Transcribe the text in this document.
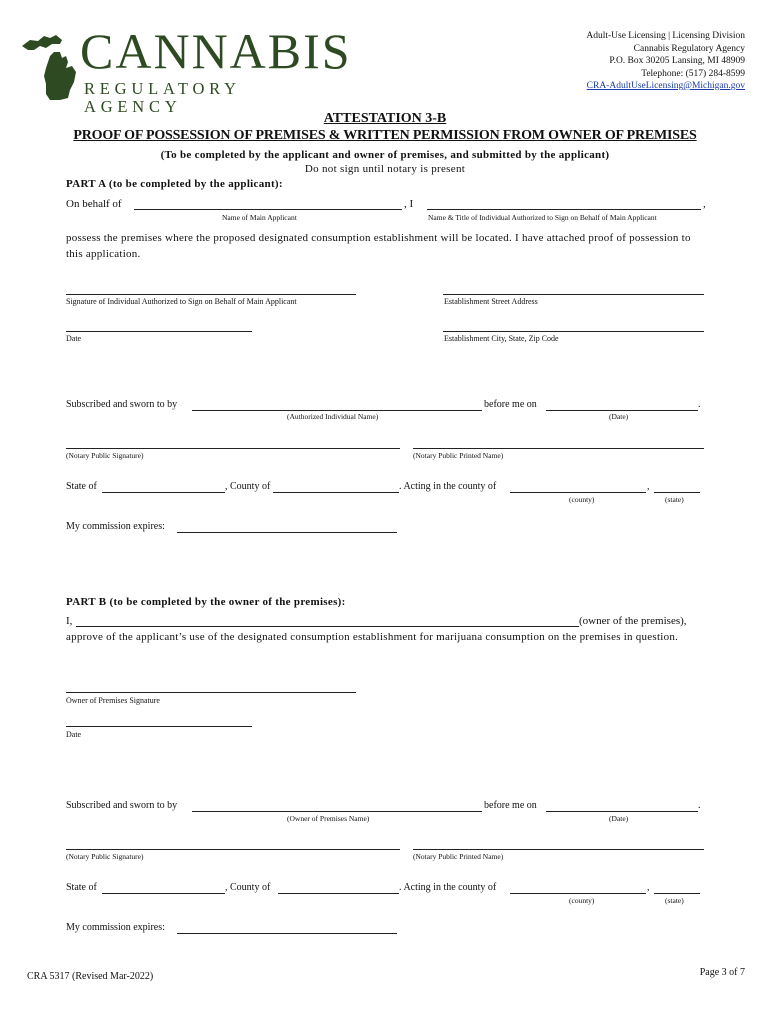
CANNABIS
REGULATORY AGENCY
Adult-Use Licensing | Licensing Division
Cannabis Regulatory Agency
P.O. Box 30205 Lansing, MI 48909
Telephone: (517) 284-8599
CRA-AdultUseLicensing@Michigan.gov
ATTESTATION 3-B
PROOF OF POSSESSION OF PREMISES & WRITTEN PERMISSION FROM OWNER OF PREMISES
(To be completed by the applicant and owner of premises, and submitted by the applicant)
Do not sign until notary is present
PART A (to be completed by the applicant):
On behalf of	, I	,
Name of Main Applicant	Name & Title of Individual Authorized to Sign on Behalf of Main Applicant
possess the premises where the proposed designated consumption establishment will be located. I have attached proof of possession to this application.
Signature of Individual Authorized to Sign on Behalf of Main Applicant	Establishment Street Address
Date	Establishment City, State, Zip Code
Subscribed and sworn to by	before me on	.
(Authorized Individual Name)	(Date)
(Notary Public Signature)	(Notary Public Printed Name)
State of	, County of	. Acting in the county of	,
(county)	(state)
My commission expires:
PART B (to be completed by the owner of the premises):
I,	(owner of the premises),
approve of the applicant’s use of the designated consumption establishment for marijuana consumption on the premises in question.
Owner of Premises Signature
Date
Subscribed and sworn to by	before me on	.
(Owner of Premises Name)	(Date)
(Notary Public Signature)	(Notary Public Printed Name)
State of	, County of	. Acting in the county of	,
(county)	(state)
My commission expires:
CRA 5317 (Revised Mar-2022)	Page 3 of 7
